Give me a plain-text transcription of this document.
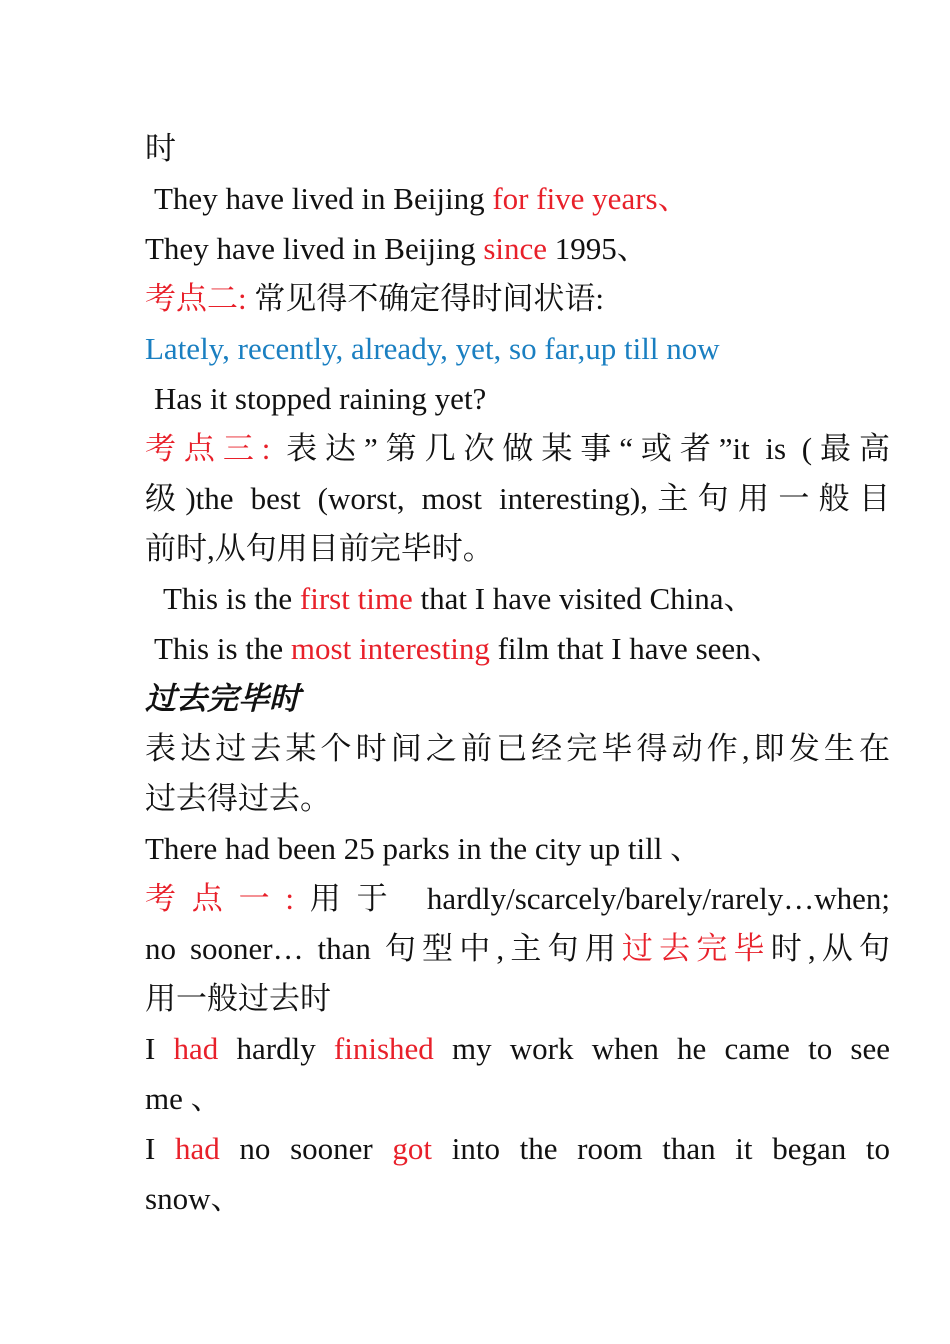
时
They have lived in Beijing for five years、
They have lived in Beijing since 1995、
考点二: 常见得不确定得时间状语:
Lately, recently, already, yet, so far,up till now
Has it stopped raining yet?
考点三: 表达”第几次做某事“或者”it is (最高
级)the best (worst, most interesting),主句用一般目
前时,从句用目前完毕时。
This is the first time that I have visited China、
This is the most interesting film that I have seen、
过去完毕时
表达过去某个时间之前已经完毕得动作,即发生在
过去得过去。
There had been 25 parks in the city up till 、
考点一:用于 hardly/scarcely/barely/rarely…when;
no sooner… than 句型中,主句用过去完毕时,从句
用一般过去时
I had hardly finished my work when he came to see
me 、
I had no sooner got into the room than it began to
snow、
